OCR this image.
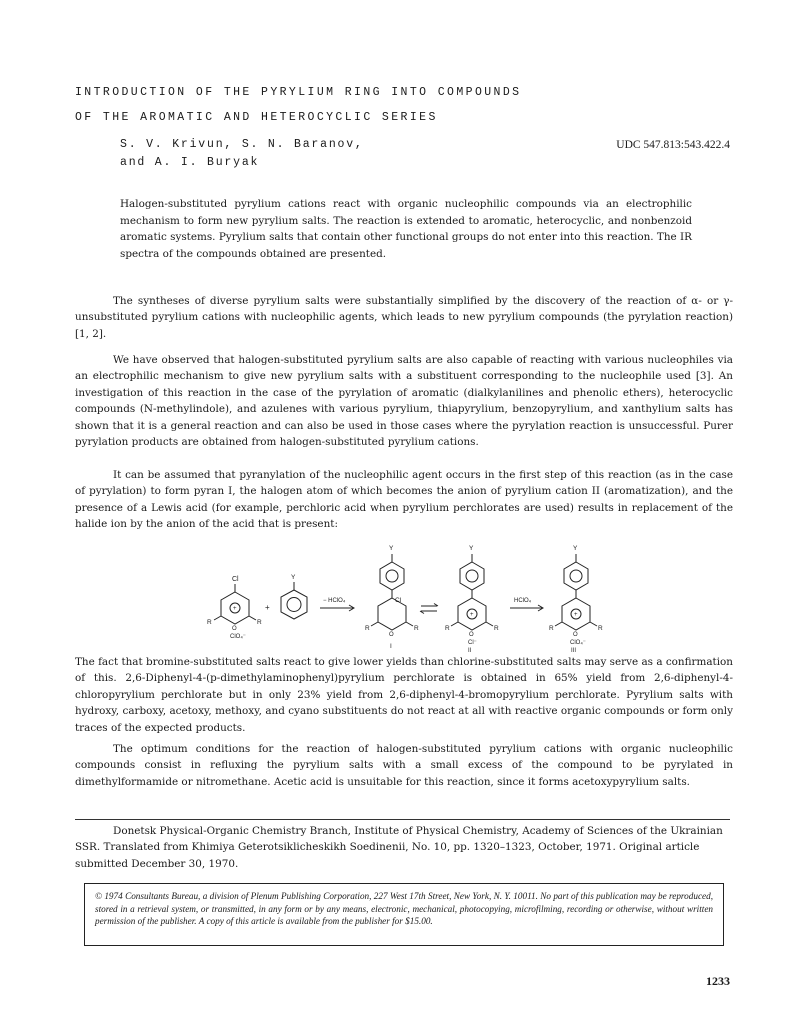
INTRODUCTION OF THE PYRYLIUM RING INTO COMPOUNDS
OF THE AROMATIC AND HETEROCYCLIC SERIES
S. V. Krivun, S. N. Baranov,
and A. I. Buryak
UDC 547.813:543.422.4
Halogen-substituted pyrylium cations react with organic nucleophilic compounds via an electrophilic mechanism to form new pyrylium salts. The reaction is extended to aromatic, heterocyclic, and nonbenzoid aromatic systems. Pyrylium salts that contain other functional groups do not enter into this reaction. The IR spectra of the compounds obtained are presented.

The syntheses of diverse pyrylium salts were substantially simplified by the discovery of the reaction of α- or γ-unsubstituted pyrylium cations with nucleophilic agents, which leads to new pyrylium compounds (the pyrylation reaction) [1, 2].

We have observed that halogen-substituted pyrylium salts are also capable of reacting with various nucleophiles via an electrophilic mechanism to give new pyrylium salts with a substituent corresponding to the nucleophile used [3]. An investigation of this reaction in the case of the pyrylation of aromatic (dialkylanilines and phenolic ethers), heterocyclic compounds (N-methylindole), and azulenes with various pyrylium, thiapyrylium, benzopyrylium, and xanthylium salts has shown that it is a general reaction and can also be used in those cases where the pyrylation reaction is unsuccessful. Purer pyrylation products are obtained from halogen-substituted pyrylium cations.

It can be assumed that pyranylation of the nucleophilic agent occurs in the first step of this reaction (as in the case of pyrylation) to form pyran I, the halogen atom of which becomes the anion of pyrylium cation II (aromatization), and the presence of a Lewis acid (for example, perchloric acid when pyrylium perchlorates are used) results in replacement of the halide ion by the anion of the acid that is present:

Cl
+
R	R
O
ClO₄⁻
+
Y
− HClO₄
Y
Cl
R	R
O
I
Y
+
R	R
O
Cl⁻
II
HClO₄
Y
+
R	R
O
ClO₄⁻
III

The fact that bromine-substituted salts react to give lower yields than chlorine-substituted salts may serve as a confirmation of this. 2,6-Diphenyl-4-(p-dimethylaminophenyl)pyrylium perchlorate is obtained in 65% yield from 2,6-diphenyl-4-chloropyrylium perchlorate but in only 23% yield from 2,6-diphenyl-4-bromopyrylium perchlorate. Pyrylium salts with hydroxy, carboxy, acetoxy, methoxy, and cyano substituents do not react at all with reactive organic compounds or form only traces of the expected products.

The optimum conditions for the reaction of halogen-substituted pyrylium cations with organic nucleophilic compounds consist in refluxing the pyrylium salts with a small excess of the compound to be pyrylated in dimethylformamide or nitromethane. Acetic acid is unsuitable for this reaction, since it forms acetoxypyrylium salts.

Donetsk Physical-Organic Chemistry Branch, Institute of Physical Chemistry, Academy of Sciences of the Ukrainian SSR. Translated from Khimiya Geterotsiklicheskikh Soedinenii, No. 10, pp. 1320–1323, October, 1971. Original article submitted December 30, 1970.

© 1974 Consultants Bureau, a division of Plenum Publishing Corporation, 227 West 17th Street, New York, N. Y. 10011. No part of this publication may be reproduced, stored in a retrieval system, or transmitted, in any form or by any means, electronic, mechanical, photocopying, microfilming, recording or otherwise, without written permission of the publisher. A copy of this article is available from the publisher for $15.00.
1233
